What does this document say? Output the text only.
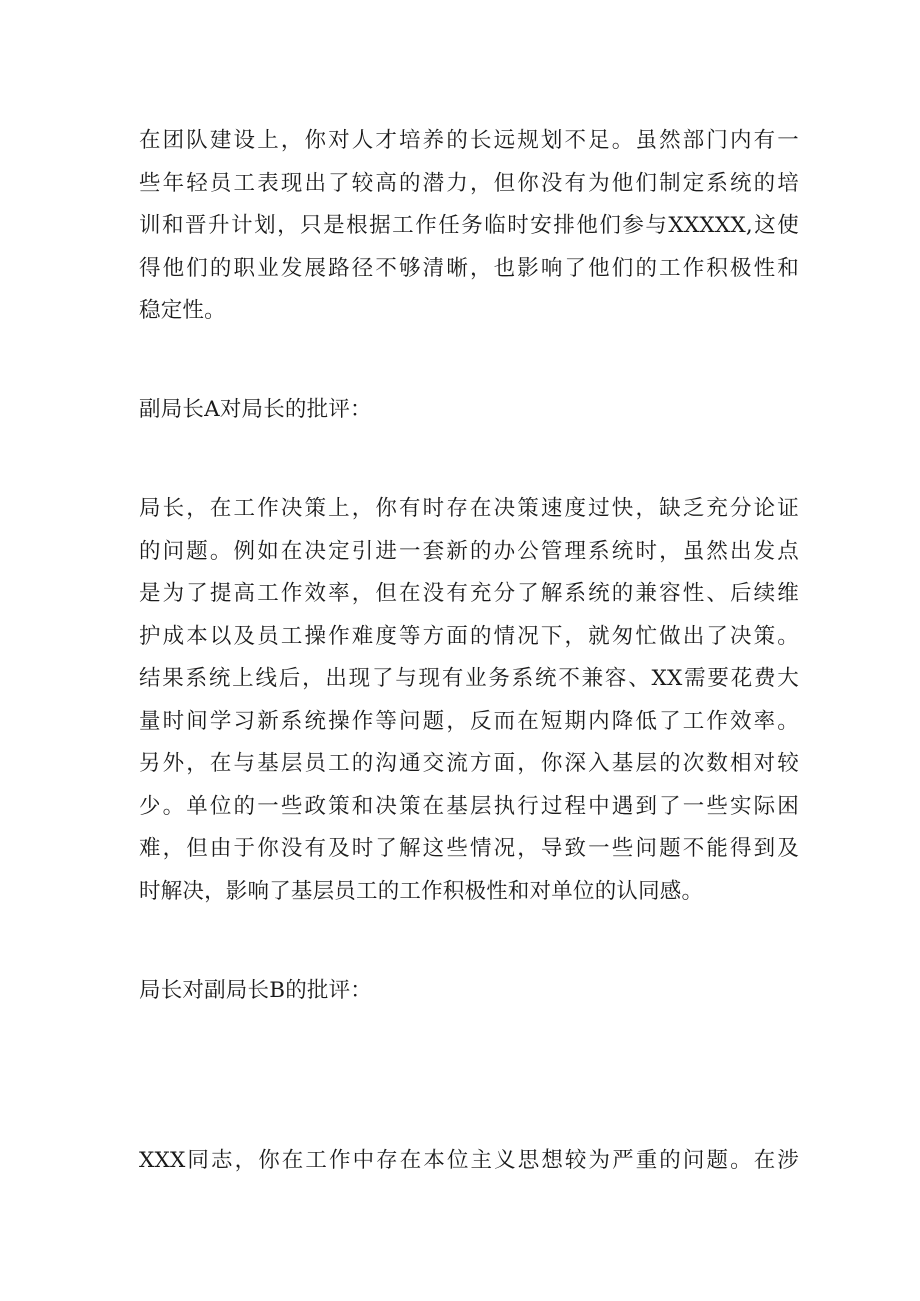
在团队建设上，你对人才培养的长远规划不足。虽然部门内有一
些年轻员工表现出了较高的潜力，但你没有为他们制定系统的培
训和晋升计划，只是根据工作任务临时安排他们参与XXXXX,这使
得他们的职业发展路径不够清晰，也影响了他们的工作积极性和
稳定性。
副局长A对局长的批评：
局长，在工作决策上，你有时存在决策速度过快，缺乏充分论证
的问题。例如在决定引进一套新的办公管理系统时，虽然出发点
是为了提高工作效率，但在没有充分了解系统的兼容性、后续维
护成本以及员工操作难度等方面的情况下，就匆忙做出了决策。
结果系统上线后，出现了与现有业务系统不兼容、XX需要花费大
量时间学习新系统操作等问题，反而在短期内降低了工作效率。
另外，在与基层员工的沟通交流方面，你深入基层的次数相对较
少。单位的一些政策和决策在基层执行过程中遇到了一些实际困
难，但由于你没有及时了解这些情况，导致一些问题不能得到及
时解决，影响了基层员工的工作积极性和对单位的认同感。
局长对副局长B的批评：
XXX同志，你在工作中存在本位主义思想较为严重的问题。在涉
